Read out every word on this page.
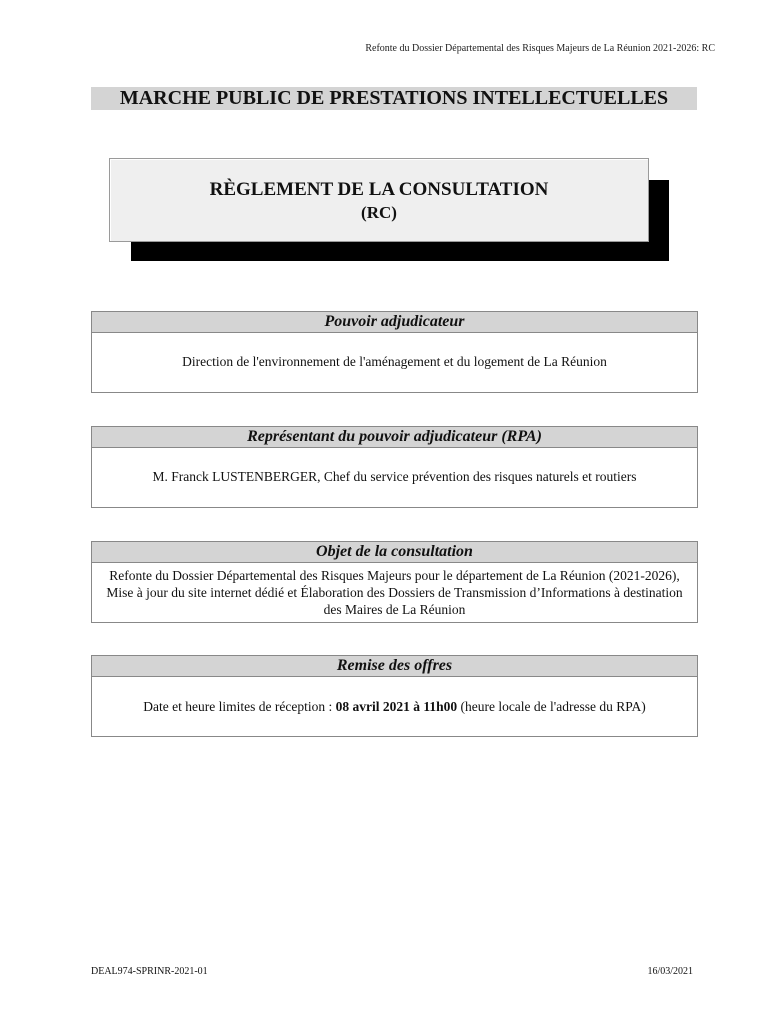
Refonte du Dossier Départemental des Risques Majeurs de La Réunion 2021-2026: RC
MARCHE PUBLIC DE PRESTATIONS INTELLECTUELLES
RÈGLEMENT DE LA CONSULTATION
(RC)
Pouvoir adjudicateur
Direction de l'environnement de l'aménagement et du logement de La Réunion
Représentant du pouvoir adjudicateur (RPA)
M. Franck LUSTENBERGER, Chef du service prévention des risques naturels et routiers
Objet de la consultation
Refonte du Dossier Départemental des Risques Majeurs pour le département de La Réunion (2021-2026), Mise à jour du site internet dédié et Élaboration des Dossiers de Transmission d’Informations à destination des Maires de La Réunion
Remise des offres
Date et heure limites de réception : 08 avril 2021 à 11h00 (heure locale de l'adresse du RPA)
DEAL974-SPRINR-2021-01	16/03/2021
